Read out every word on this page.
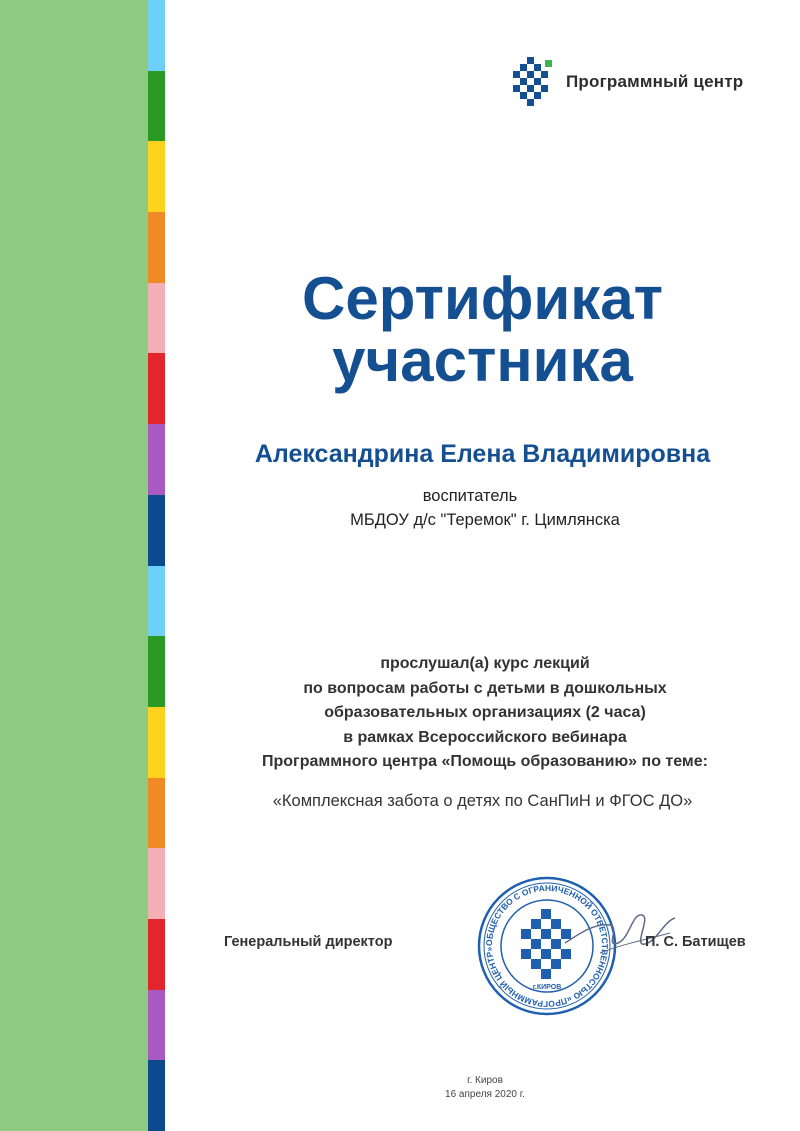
Программный центр
Сертификат
участника
Александрина Елена Владимировна
воспитатель
МБДОУ д/с "Теремок" г. Цимлянска
прослушал(а) курс лекций
по вопросам работы с детьми в дошкольных
образовательных организациях (2 часа)
в рамках Всероссийского вебинара
Программного центра «Помощь образованию» по теме:
«Комплексная забота о детях по СанПиН и ФГОС ДО»
Генеральный директор	ОБЩЕСТВО С ОГРАНИЧЕННОЙ ОТВЕТСТВЕННОСТЬЮ «ПРОГРАММНЫЙ ЦЕНТР»
г.КИРОВ
П. С. Батищев
г. Киров
16 апреля 2020 г.
